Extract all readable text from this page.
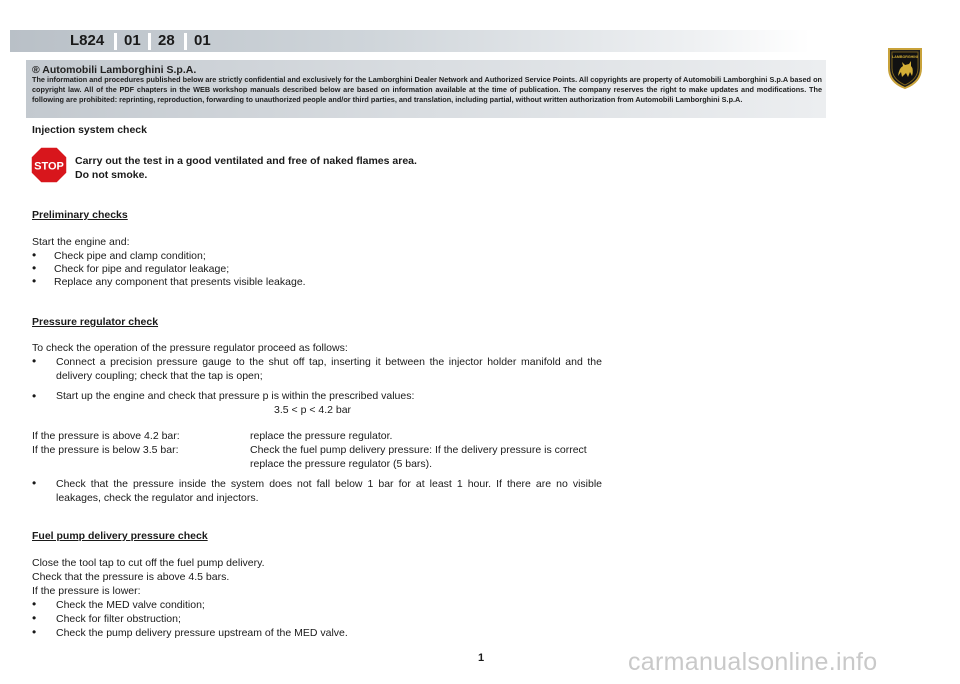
L824 01 28 01
LAMBORGHINI
® Automobili Lamborghini S.p.A.
The information and procedures published below are strictly confidential and exclusively for the Lamborghini Dealer Network and Authorized Service Points. All copyrights are property of Automobili Lamborghini S.p.A based on copyright law. All of the PDF chapters in the WEB workshop manuals described below are based on information available at the time of publication. The company reserves the right to make updates and modifications. The following are prohibited: reprinting, reproduction, forwarding to unauthorized people and/or third parties, and translation, including partial, without written authorization from Automobili Lamborghini S.p.A.
Injection system check
STOP Carry out the test in a good ventilated and free of naked flames area.
Do not smoke.
Preliminary checks
Start the engine and:
• Check pipe and clamp condition;
• Check for pipe and regulator leakage;
• Replace any component that presents visible leakage.
Pressure regulator check
To check the operation of the pressure regulator proceed as follows:
• Connect a precision pressure gauge to the shut off tap, inserting it between the injector holder manifold and the delivery coupling; check that the tap is open;
• Start up the engine and check that pressure p is within the prescribed values:
3.5 < p < 4.2 bar
If the pressure is above 4.2 bar:	replace the pressure regulator.
If the pressure is below 3.5 bar:	Check the fuel pump delivery pressure: If the delivery pressure is correct
replace the pressure regulator (5 bars).
• Check that the pressure inside the system does not fall below 1 bar for at least 1 hour. If there are no visible leakages, check the regulator and injectors.
Fuel pump delivery pressure check
Close the tool tap to cut off the fuel pump delivery.
Check that the pressure is above 4.5 bars.
If the pressure is lower:
• Check the MED valve condition;
• Check for filter obstruction;
• Check the pump delivery pressure upstream of the MED valve.
1	carmanualsonline.info
